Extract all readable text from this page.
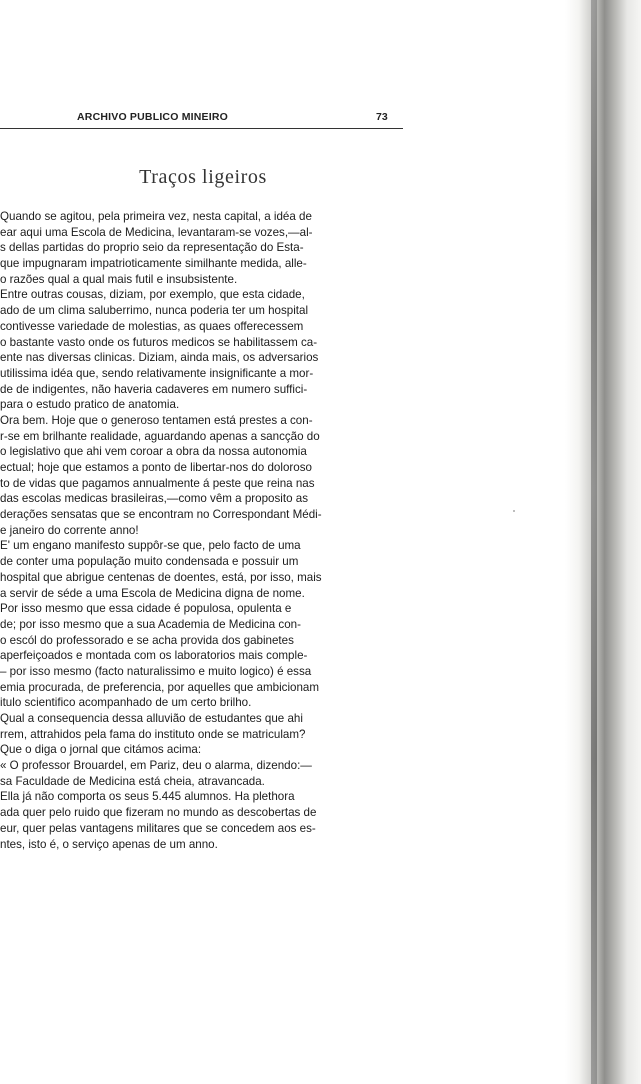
ARCHIVO PUBLICO MINEIRO	73
Traços ligeiros
Quando se agitou, pela primeira vez, nesta capital, a idéa de
ear aqui uma Escola de Medicina, levantaram-se vozes,—al-
s dellas partidas do proprio seio da representação do Esta-
que impugnaram impatrioticamente similhante medida, alle-
o razões qual a qual mais futil e insubsistente.
Entre outras cousas, diziam, por exemplo, que esta cidade,
ado de um clima saluberrimo, nunca poderia ter um hospital
contivesse variedade de molestias, as quaes offerecessem
o bastante vasto onde os futuros medicos se habilitassem ca-
ente nas diversas clinicas. Diziam, ainda mais, os adversarios
utilissima idéa que, sendo relativamente insignificante a mor-
de de indigentes, não haveria cadaveres em numero suffici-
para o estudo pratico de anatomia.
Ora bem. Hoje que o generoso tentamen está prestes a con-
r-se em brilhante realidade, aguardando apenas a sancção do
o legislativo que ahi vem coroar a obra da nossa autonomia
ectual; hoje que estamos a ponto de libertar-nos do doloroso
to de vidas que pagamos annualmente á peste que reina nas
das escolas medicas brasileiras,—como vêm a proposito as
derações sensatas que se encontram no Correspondant Médi-
e janeiro do corrente anno!
E' um engano manifesto suppôr-se que, pelo facto de uma
de conter uma população muito condensada e possuir um
hospital que abrigue centenas de doentes, está, por isso, mais
a servir de séde a uma Escola de Medicina digna de nome.
Por isso mesmo que essa cidade é populosa, opulenta e
de; por isso mesmo que a sua Academia de Medicina con-
o escól do professorado e se acha provida dos gabinetes
aperfeiçoados e montada com os laboratorios mais comple-
– por isso mesmo (facto naturalissimo e muito logico) é essa
emia procurada, de preferencia, por aquelles que ambicionam
itulo scientifico acompanhado de um certo brilho.
Qual a consequencia dessa alluvião de estudantes que ahi
rrem, attrahidos pela fama do instituto onde se matriculam?
Que o diga o jornal que citámos acima:
« O professor Brouardel, em Pariz, deu o alarma, dizendo:—
sa Faculdade de Medicina está cheia, atravancada.
Ella já não comporta os seus 5.445 alumnos. Ha plethora
ada quer pelo ruido que fizeram no mundo as descobertas de
eur, quer pelas vantagens militares que se concedem aos es-
ntes, isto é, o serviço apenas de um anno.
